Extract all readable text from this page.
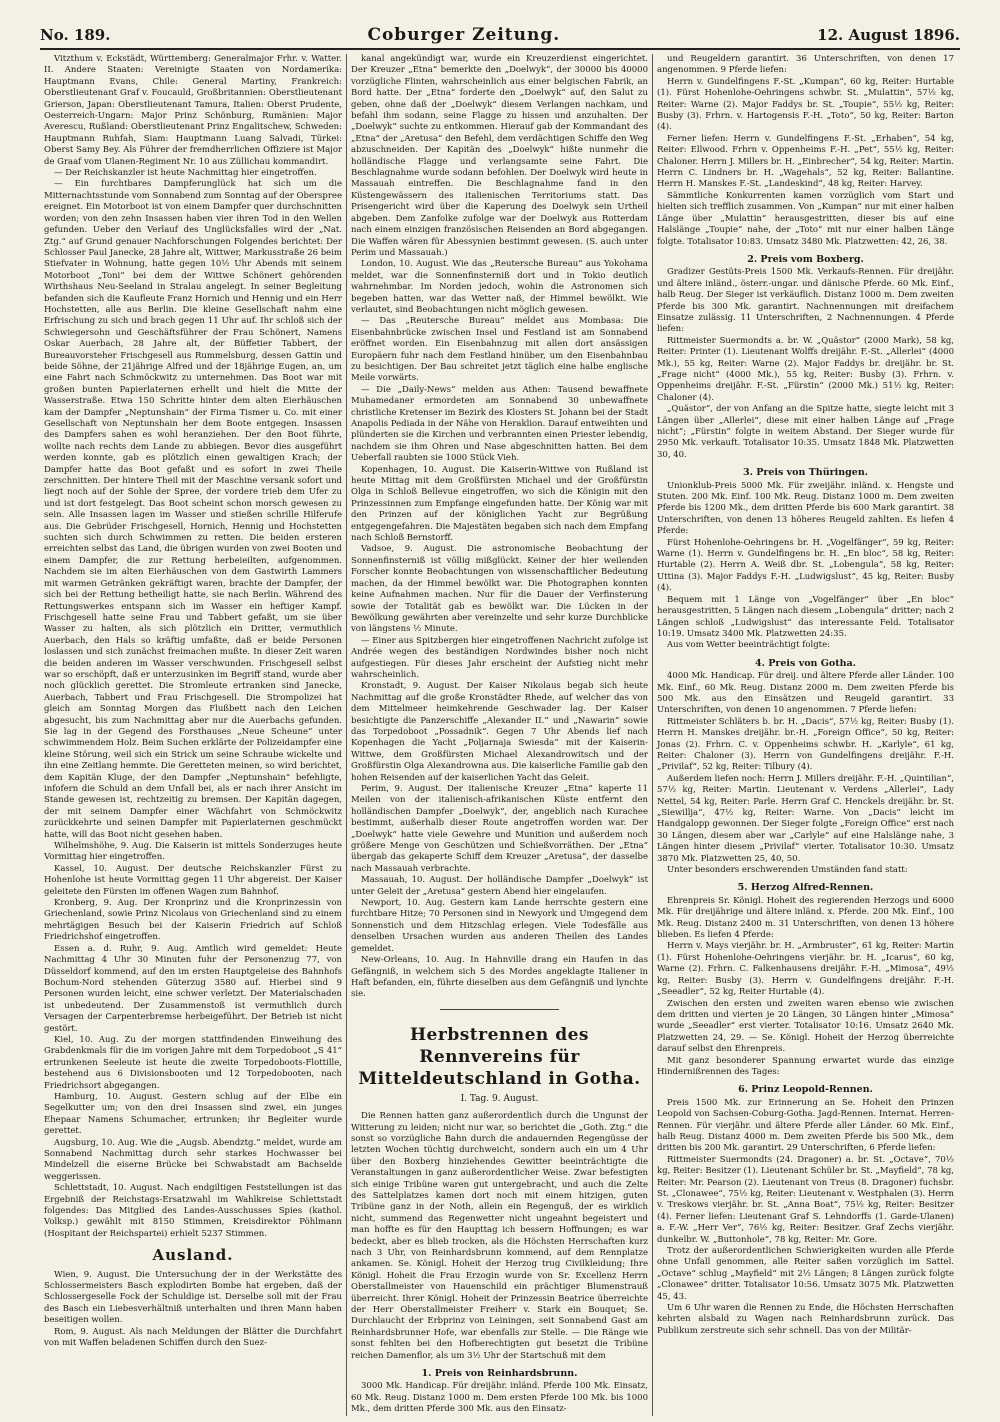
No. 189.	Coburger Zeitung.	12. August 1896.

Vitzthum v. Eckstädt, Württemberg: Generalmajor Frhr. v. Watter. II. Andere Staaten: Vereinigte Staaten von Nordamerika: Hauptmann Evans, Chile: General Martiny, Frankreich: Oberstlieutenant Graf v. Foucauld, Großbritannien: Oberstlieutenant Grierson, Japan: Oberstlieutenant Tamura, Italien: Oberst Prudente, Oesterreich-Ungarn: Major Prinz Schönburg, Rumänien: Major Averescu, Rußland: Oberstlieutenant Prinz Engalitschew, Schweden: Hauptmann Ruhfah, Siam: Hauptmann Luang Salvadi, Türkei: Oberst Samy Bey. Als Führer der fremdherrlichen Offiziere ist Major de Graaf vom Ulanen-Regiment Nr. 10 aus Züllichau kommandirt.

— Der Reichskanzler ist heute Nachmittag hier eingetroffen.

— Ein furchtbares Dampferunglück hat sich um die Mitternachtsstunde vom Sonnabend zum Sonntag auf der Oberspree ereignet. Ein Motorboot ist von einem Dampfer quer durchschnitten worden; von den zehn Insassen haben vier ihren Tod in den Wellen gefunden. Ueber den Verlauf des Unglücksfalles wird der „Nat. Ztg.“ auf Grund genauer Nachforschungen Folgendes berichtet: Der Schlosser Paul Janecke, 28 Jahre alt, Wittwer, Markusstraße 26 beim Stiefvater in Wohnung, hatte gegen 10½ Uhr Abends mit seinem Motorboot „Toni“ bei dem der Wittwe Schönert gehörenden Wirthshaus Neu-Seeland in Stralau angelegt. In seiner Begleitung befanden sich die Kaufleute Franz Hornich und Hennig und ein Herr Hochstetten, alle aus Berlin. Die kleine Gesellschaft nahm eine Erfrischung zu sich und brach gegen 11 Uhr auf. Ihr schloß sich der Schwiegersohn und Geschäftsführer der Frau Schönert, Namens Oskar Auerbach, 28 Jahre alt, der Büffetier Tabbert, der Bureauvorsteher Frischgesell aus Rummelsburg, dessen Gattin und beide Söhne, der 21jährige Alfred und der 18jährige Eugen, an, um eine Fahrt nach Schmöckwitz zu unternehmen. Das Boot war mit großen bunten Papierlaternen erhellt und hielt die Mitte der Wasserstraße. Etwa 150 Schritte hinter dem alten Eierhäuschen kam der Dampfer „Neptunshain“ der Firma Tismer u. Co. mit einer Gesellschaft von Neptunshain her dem Boote entgegen. Insassen des Dampfers sahen es wohl heranziehen. Der den Boot führte, wollte nach rechts dem Lande zu abbiegen. Bevor dies ausgeführt werden konnte, gab es plötzlich einen gewaltigen Krach; der Dampfer hatte das Boot gefaßt und es sofort in zwei Theile zerschnitten. Der hintere Theil mit der Maschine versank sofort und liegt noch auf der Sohle der Spree, der vordere trieb dem Ufer zu und ist dort festgelegt. Das Boot scheint schon morsch gewesen zu sein. Alle Insassen lagen im Wasser und stießen schrille Hilferufe aus. Die Gebrüder Frischgesell, Hornich, Hennig und Hochstetten suchten sich durch Schwimmen zu retten. Die beiden ersteren erreichten selbst das Land, die übrigen wurden von zwei Booten und einem Dampfer, die zur Rettung herbeieilten, aufgenommen. Nachdem sie im alten Eierhäuschen von dem Gastwirth Lammers mit warmen Getränken gekräftigt waren, brachte der Dampfer, der sich bei der Rettung betheiligt hatte, sie nach Berlin. Während des Rettungswerkes entspann sich im Wasser ein heftiger Kampf. Frischgesell hatte seine Frau und Tabbert gefaßt, um sie über Wasser zu halten, als sich plötzlich ein Dritter, vermuthlich Auerbach, den Hals so kräftig umfaßte, daß er beide Personen loslassen und sich zunächst freimachen mußte. In dieser Zeit waren die beiden anderen im Wasser verschwunden. Frischgesell selbst war so erschöpft, daß er unterzusinken im Begriff stand, wurde aber noch glücklich gerettet. Die Stromleute ertranken sind Janecke, Auerbach, Tabbert und Frau Frischgesell. Die Strompolizei hat gleich am Sonntag Morgen das Flußbett nach den Leichen abgesucht, bis zum Nachmittag aber nur die Auerbachs gefunden. Sie lag in der Gegend des Forsthauses „Neue Scheune“ unter schwimmendem Holz. Beim Suchen erklärte der Polizeidampfer eine kleine Störung, weil sich ein Strick um seine Schraube wickelte und ihn eine Zeitlang hemmte. Die Geretteten meinen, so wird berichtet, dem Kapitän Kluge, der den Dampfer „Neptunshain“ befehligte, infofern die Schuld an dem Unfall bei, als er nach ihrer Ansicht im Stande gewesen ist, rechtzeitig zu bremsen. Der Kapitän dagegen, der mit seinem Dampfer einer Wächfahrt von Schmöckwitz zurückkehrte und seinen Dampfer mit Papierlaternen geschmückt hatte, will das Boot nicht gesehen haben.

Wilhelmshöhe, 9. Aug. Die Kaiserin ist mittels Sonderzuges heute Vormittag hier eingetroffen.

Kassel, 10. August. Der deutsche Reichskanzler Fürst zu Hohenlohe ist heute Vormittag gegen 11 Uhr abgereist. Der Kaiser geleitete den Fürsten im offenen Wagen zum Bahnhof.

Kronberg, 9. Aug. Der Kronprinz und die Kronprinzessin von Griechenland, sowie Prinz Nicolaus von Griechenland sind zu einem mehrtägigen Besuch bei der Kaiserin Friedrich auf Schloß Friedrichshof eingetroffen.

Essen a. d. Ruhr, 9. Aug. Amtlich wird gemeldet: Heute Nachmittag 4 Uhr 30 Minuten fuhr der Personenzug 77, von Düsseldorf kommend, auf den im ersten Hauptgeleise des Bahnhofs Bochum-Nord stehenden Güterzug 3580 auf. Hierbei sind 9 Personen wurden leicht, eine schwer verletzt. Der Materialschaden ist unbedeutend. Der Zusammenstoß ist vermuthlich durch Versagen der Carpenterbremse herbeigeführt. Der Betrieb ist nicht gestört.

Kiel, 10. Aug. Zu der morgen stattfindenden Einweihung des Grabdenkmals für die im vorigen Jahre mit dem Torpedoboot „S 41“ ertrunkenen Seeleute ist heute die zweite Torpedoboots-Flottille, bestehend aus 6 Divisionsbooten und 12 Torpedobooten, nach Friedrichsort abgegangen.

Hamburg, 10. August. Gestern schlug auf der Elbe ein Segelkutter um; von den drei Insassen sind zwei, ein junges Ehepaar Namens Schumacher, ertrunken; ihr Begleiter wurde gerettet.

Augsburg, 10. Aug. Wie die „Augsb. Abendztg.“ meldet, wurde am Sonnabend Nachmittag durch sehr starkes Hochwasser bei Mindelzell die eiserne Brücke bei Schwabstadt am Bachselde weggerissen.

Schlettstadt, 10. August. Nach endgiltigen Feststellungen ist das Ergebniß der Reichstags-Ersatzwahl im Wahlkreise Schlettstadt folgendes: Das Mitglied des Landes-Ausschusses Spies (kathol. Volksp.) gewählt mit 8150 Stimmen, Kreisdirektor Pöhlmann (Hospitant der Reichspartei) erhielt 5237 Stimmen.

Ausland.

Wien, 9. August. Die Untersuchung der in der Werkstätte des Schlossermeisters Basch explodirten Bombe hat ergeben, daß der Schlossergeselle Fock der Schuldige ist. Derselbe soll mit der Frau des Basch ein Liebesverhältniß unterhalten und ihren Mann haben beseitigen wollen.

Rom, 9. August. Als nach Meldungen der Blätter die Durchfahrt von mit Waffen beladenen Schiffen durch den Suez-

kanal angekündigt war, wurde ein Kreuzerdienst eingerichtet. Der Kreuzer „Etna“ bemerkte den „Doelwyk“, der 30000 bis 40000 vorzügliche Flinten, wahrscheinlich aus einer belgischen Fabrik, an Bord hatte. Der „Etna“ forderte den „Doelwyk“ auf, den Salut zu geben, ohne daß der „Doelwyk“ diesem Verlangen nachkam, und befahl ihm sodann, seine Flagge zu hissen und anzuhalten. Der „Doelwyk“ suchte zu entkommen. Hierauf gab der Kommandant des „Etna“ der „Aretusa“ den Befehl, dem verdächtigen Schiffe den Weg abzuschneiden. Der Kapitän des „Doelwyk“ hißte nunmehr die holländische Flagge und verlangsamte seine Fahrt. Die Beschlagnahme wurde sodann befohlen. Der Doelwyk wird heute in Massauah eintreffen. Die Beschlagnahme fand in den Küstengewässern des italienischen Territoriums statt. Das Prisengericht wird über die Kaperung des Doelwyk sein Urtheil abgeben. Dem Zanfolke zufolge war der Doelwyk aus Rotterdam nach einem einzigen französischen Reisenden an Bord abgegangen. Die Waffen wären für Abessynien bestimmt gewesen. (S. auch unter Perim und Massauah.)

London, 10. August. Wie das „Reutersche Bureau“ aus Yokohama meldet, war die Sonnenfinsterniß dort und in Tokio deutlich wahrnehmbar. Im Norden jedoch, wohin die Astronomen sich begeben hatten, war das Wetter naß, der Himmel bewölkt. Wie verlautet, sind Beobachtungen nicht möglich gewesen.

— Das „Reutersche Bureau“ meldet aus Mombasa: Die Eisenbahnbrücke zwischen Insel und Festland ist am Sonnabend eröffnet worden. Ein Eisenbahnzug mit allen dort ansässigen Europäern fuhr nach dem Festland hinüber, um den Eisenbahnbau zu besichtigen. Der Bau schreitet jetzt täglich eine halbe englische Meile vorwärts.

— Die „Daily-News“ melden aus Athen: Tausend bewaffnete Muhamedaner ermordeten am Sonnabend 30 unbewaffnete christliche Kretenser im Bezirk des Klosters St. Johann bei der Stadt Anapolis Pediada in der Nähe von Heraklion. Darauf entweihten und plünderten sie die Kirchen und verbrannten einen Priester lebendig, nachdem sie ihm Ohren und Nase abgeschnitten hatten. Bei dem Ueberfall raubten sie 1000 Stück Vieh.

Kopenhagen, 10. August. Die Kaiserin-Wittwe von Rußland ist heute Mittag mit dem Großfürsten Michael und der Großfürstin Olga in Schloß Bellevue eingetroffen, wo sich die Königin mit den Prinzessinnen zum Empfange eingefunden hatte. Der König war mit den Prinzen auf der königlichen Yacht zur Begrüßung entgegengefahren. Die Majestäten begaben sich nach dem Empfang nach Schloß Bernstorff.

Vadsoe, 9. August. Die astronomische Beobachtung der Sonnenfinsterniß ist völlig mißglückt. Keiner der hier weilenden Forscher konnte Beobachtungen von wissenschaftlicher Bedeutung machen, da der Himmel bewölkt war. Die Photographen konnten keine Aufnahmen machen. Nur für die Dauer der Verfinsterung sowie der Totalität gab es bewölkt war. Die Lücken in der Bewölkung gewährten aber vereinzelte und sehr kurze Durchblicke von längstens ½ Minute.

— Einer aus Spitzbergen hier eingetroffenen Nachricht zufolge ist Andrée wegen des beständigen Nordwindes bisher noch nicht aufgestiegen. Für dieses Jahr erscheint der Aufstieg nicht mehr wahrscheinlich.

Kronstadt, 9. August. Der Kaiser Nikolaus begab sich heute Nachmittag auf die große Kronstädter Rhede, auf welcher das von dem Mittelmeer heimkehrende Geschwader lag. Der Kaiser besichtigte die Panzerschiffe „Alexander II.“ und „Nawarin“ sowie das Torpedoboot „Possadnik“. Gegen 7 Uhr Abends lief nach Kopenhagen die Yacht „Poljarnaja Swiesda“ mit der Kaiserin-Wittwe, dem Großfürsten Michael Alexandrowitsch und der Großfürstin Olga Alexandrowna aus. Die kaiserliche Familie gab den hohen Reisenden auf der kaiserlichen Yacht das Geleit.

Perim, 9. August. Der italienische Kreuzer „Etna“ kaperte 11 Meilen von der italienisch-afrikanischen Küste entfernt den holländischen Dampfer „Doelwyk“, der, angeblich nach Kurachee bestimmt, außerhalb dieser Route angetroffen worden war. Der „Doelwyk“ hatte viele Gewehre und Munition und außerdem noch größere Menge von Geschützen und Schießvorräthen. Der „Etna“ übergab das gekaperte Schiff dem Kreuzer „Aretusa“, der dasselbe nach Massauah verbrachte.

Massauah, 10. August. Der holländische Dampfer „Doelwyk“ ist unter Geleit der „Aretusa“ gestern Abend hier eingelaufen.

Newport, 10. Aug. Gestern kam Lande herrschte gestern eine furchtbare Hitze; 70 Personen sind in Newyork und Umgegend dem Sonnenstich und dem Hitzschlag erlegen. Viele Todesfälle aus denselben Ursachen wurden aus anderen Theilen des Landes gemeldet.

New-Orleans, 10. Aug. In Hahnville drang ein Haufen in das Gefängniß, in welchem sich 5 des Mordes angeklagte Italiener in Haft befanden, ein, führte dieselben aus dem Gefängniß und lynchte sie.

Herbstrennen des Rennvereins für Mitteldeutschland in Gotha.
I. Tag. 9. August.

Die Rennen hatten ganz außerordentlich durch die Ungunst der Witterung zu leiden; nicht nur war, so berichtet die „Goth. Ztg.“ die sonst so vorzügliche Bahn durch die andauernden Regengüsse der letzten Wochen tüchtig durchweicht, sondern auch ein um 4 Uhr über den Boxberg hinziehendes Gewitter beeinträchtigte die Veranstaltungen in ganz außerordentlicher Weise. Zwar befestigten sich einige Tribüne waren gut untergebracht, und auch die Zelte des Sattelplatzes kamen dort noch mit einem hitzigen, guten Tribüne ganz in der Noth, allein ein Regenguß, der es wirklich nicht, summend das Regenwetter nicht ungeahnt begeistert und man hoffte es für den Haupttag ich bessern Hoffnungen; es war bedeckt, aber es blieb trocken, als die Höchsten Herrschaften kurz nach 3 Uhr, von Reinhardsbrunn kommend, auf dem Rennplatze ankamen. Se. Königl. Hoheit der Herzog trug Civilkleidung; Ihre Königl. Hoheit die Frau Erzogin wurde von Sr. Excellenz Herrn Oberstallmeister von Hauenschild ein prächtiger Blumenstrauß überreicht. Ihrer Königl. Hoheit der Prinzessin Beatrice überreichte der Herr Oberstallmeister Freiherr v. Stark ein Bouquet; Se. Durchlaucht der Erbprinz von Leiningen, seit Sonnabend Gast am Reinhardsbrunner Hofe, war ebenfalls zur Stelle. — Die Ränge wie sonst fehlten bei den Hofberechtigten gut besetzt die Tribüne reichen Damenflor, als um 3½ Uhr der Startschuß mit dem

1. Preis von Reinhardsbrunn.

3000 Mk. Handicap. Für dreijähr. inländ. Pferde 100 Mk. Einsatz, 60 Mk. Reug. Distanz 1000 m. Dem ersten Pferde 100 Mk. bis 1000 Mk., dem dritten Pferde 300 Mk. aus den Einsatz-

und Reugeldern garantirt. 36 Unterschriften, von denen 17 angenommen. 9 Pferde liefen:

Herrn v. Gundelfingens F.-St. „Kumpan“, 60 kg, Reiter: Hurtable (1). Fürst Hohenlohe-Oehringens schwbr. St. „Mulattin“, 57½ kg, Reiter: Warne (2). Major Faddys br. St. „Toupie“, 55½ kg, Reiter: Busby (3). Frhrn. v. Hartogensis F.-H. „Toto“, 50 kg, Reiter: Barton (4).

Ferner liefen: Herrn v. Gundelfingens F.-St. „Erhaben“, 54 kg, Reiter: Ellwood. Frhrn v. Oppenheims F.-H. „Pet“, 55½ kg, Reiter: Chaloner. Herrn J. Millers br. H. „Einbrecher“, 54 kg, Reiter: Martin. Herrn C. Lindners br. H. „Wagehals“, 52 kg, Reiter: Ballantine. Herrn H. Manskes F.-St. „Landeskind“, 48 kg, Reiter: Harvey.

Sämmtliche Konkurrenten kamen vorzüglich vom Start und hielten sich trefflich zusammen. Von „Kumpan“ nur mit einer halben Länge über „Mulattin“ herausgestritten, dieser bis auf eine Halslänge „Toupie“ nahe, der „Toto“ mit nur einer halben Länge folgte. Totalisator 10:83. Umsatz 3480 Mk. Platzwetten: 42, 26, 38.

2. Preis vom Boxberg.

Gradizer Gestüts-Preis 1500 Mk. Verkaufs-Rennen. Für dreijähr. und ältere inländ., österr.-ungar. und dänische Pferde. 60 Mk. Einf., halb Reug. Der Sieger ist verkäuflich. Distanz 1000 m. Dem zweiten Pferde bis 300 Mk. garantirt. Nachnennungen mit dreifachem Einsatze zulässig. 11 Unterschriften, 2 Nachnennungen. 4 Pferde liefen:

Rittmeister Suermondts a. br. W. „Quästor“ (2000 Mark), 58 kg, Reiter: Printer (1). Lieutenant Wolffs dreijähr. F.-St. „Allerlei“ (4000 Mk.), 55 kg, Reiter: Warne (2). Major Faddys br. dreijähr. br. St. „Frage nicht“ (4000 Mk.), 55 kg, Reiter: Busby (3). Frhrn. v. Oppenheims dreijähr. F.-St. „Fürstin“ (2000 Mk.) 51½ kg, Reiter: Chaloner (4).

„Quästor“, der von Anfang an die Spitze hatte, siegte leicht mit 3 Längen über „Allerlei“, diese mit einer halben Länge auf „Frage nicht“; „Fürstin“ folgte in weitem Abstand. Der Sieger wurde für 2950 Mk. verkauft. Totalisator 10:35. Umsatz 1848 Mk. Platzwetten 30, 40.

3. Preis von Thüringen.

Unionklub-Preis 5000 Mk. Für zweijähr. inländ. x. Hengste und Stuten. 200 Mk. Einf. 100 Mk. Reug. Distanz 1000 m. Dem zweiten Pferde bis 1200 Mk., dem dritten Pferde bis 600 Mark garantirt. 38 Unterschriften, von denen 13 höheres Reugeld zahlten. Es liefen 4 Pferde:

Fürst Hohenlohe-Oehringens br. H. „Vogelfänger“, 59 kg, Reiter: Warne (1). Herrn v. Gundelfingens br. H. „En bloc“, 58 kg, Reiter: Hurtable (2). Herrn A. Weiß dbr. St. „Lobengula“, 58 kg, Reiter: Uttina (3). Major Faddys F.-H. „Ludwigslust“, 45 kg, Reiter: Busby (4).

Bequem mit 1 Länge von „Vogelfänger“ über „En bloc“ herausgestritten, 5 Längen nach diesem „Lobengula“ dritter; nach 2 Längen schloß „Ludwigslust“ das interessante Feld. Totalisator 10:19. Umsatz 3400 Mk. Platzwetten 24:35.

Aus vom Wetter beeinträchtigt folgte:

4. Preis von Gotha.

4000 Mk. Handicap. Für dreij. und ältere Pferde aller Länder. 100 Mk. Einf., 60 Mk. Reug. Distanz 2000 m. Dem zweiten Pferde bis 500 Mk. aus den Einsätzen und Reugeld garantirt. 33 Unterschriften, von denen 10 angenommen. 7 Pferde liefen:

Rittmeister Schläters b. br. H. „Dacis“, 57½ kg, Reiter: Busby (1). Herrn H. Manskes dreijähr. br.-H. „Foreign Office“, 50 kg, Reiter: Jonas (2). Frhrn. C. v. Oppenheims schwbr. H. „Karlyle“, 61 kg, Reiter: Chaloner (3). Herrn von Gundelfingens dreijähr. F.-H. „Privilaf“, 52 kg, Reiter: Tilbury (4).

Außerdem liefen noch: Herrn J. Millers dreijähr. F.-H. „Quintilian“, 57½ kg, Reiter: Martin. Lieutenant v. Verdens „Allerlei“, Lady Nettel, 54 kg, Reiter: Parle. Herrn Graf C. Henckels dreijähr. br. St. „Siewillja“, 47½ kg, Reiter: Warne. Von „Dacis“ leicht im Handgalopp gewonnen. Der Sieger folgte „Foreign Office“ erst nach 30 Längen, diesem aber war „Carlyle“ auf eine Halslänge nahe, 3 Längen hinter diesem „Privilaf“ vierter. Totalisator 10:30. Umsatz 3870 Mk. Platzwetten 25, 40, 50.

Unter besonders erschwerenden Umständen fand statt:

5. Herzog Alfred-Rennen.

Ehrenpreis Sr. Königl. Hoheit des regierenden Herzogs und 6000 Mk. Für dreijährige und ältere inländ. x. Pferde. 200 Mk. Einf., 100 Mk. Reug. Distanz 2400 m. 31 Unterschriften, von denen 13 höhere blieben. Es liefen 4 Pferde:

Herrn v. Mays vierjähr. br. H. „Armbruster“, 61 kg, Reiter: Martin (1). Fürst Hohenlohe-Oehringens vierjähr. br. H. „Icarus“, 60 kg, Warne (2). Frhrn. C. Falkenhausens dreijähr. F.-H. „Mimosa“, 49½ kg, Reiter: Busby (3). Herrn v. Gundelfingens dreijähr. F.-H. „Seeadler“, 52 kg, Reiter Hurtable (4).

Zwischen den ersten und zweiten waren ebenso wie zwischen dem dritten und vierten je 20 Längen, 30 Längen hinter „Mimosa“ wurde „Seeadler“ erst vierter. Totalisator 10:16. Umsatz 2640 Mk. Platzwetten 24, 29. — Se. Königl. Hoheit der Herzog überreichte darauf selbst den Ehrenpreis.

Mit ganz besonderer Spannung erwartet wurde das einzige Hindernißrennen des Tages:

6. Prinz Leopold-Rennen.

Preis 1500 Mk. zur Erinnerung an Se. Hoheit den Prinzen Leopold von Sachsen-Coburg-Gotha. Jagd-Rennen. Internat. Herren-Rennen. Für vierjähr. und ältere Pferde aller Länder. 60 Mk. Einf., halb Reug. Distanz 4000 m. Dem zweiten Pferde bis 500 Mk., dem dritten bis 200 Mk. garantirt. 29 Unterschriften, 6 Pferde liefen:

Rittmeister Suermondts (24. Dragoner) a. br. St. „Octave“, 70½ kg, Reiter: Besitzer (1). Lieutenant Schüler br. St. „Mayfield“, 78 kg, Reiter: Mr. Pearson (2). Lieutenant von Treus (8. Dragoner) fuchsbr. St. „Clonawee“, 75½ kg, Reiter: Lieutenant v. Westphalen (3). Herrn v. Treskows vierjähr. br. St. „Anna Boat“, 75½ kg, Reiter: Besitzer (4). Ferner liefen: Lieutenant Graf S. Lehndorffs (1. Garde-Ulanen) a. F.-W. „Herr Ver“, 76½ kg, Reiter: Besitzer. Graf Zechs vierjähr. dunkelbr. W. „Buttonhole“, 78 kg, Reiter: Mr. Gore.

Trotz der außerordentlichen Schwierigkeiten wurden alle Pferde ohne Unfall genommen, alle Reiter saßen vorzüglich im Sattel. „Octave“ schlug „Mayfield“ mit 2½ Längen; 8 Längen zurück folgte „Clonawee“ dritter. Totalisator 10:56. Umsatz 3075 Mk. Platzwetten 45, 43.

Um 6 Uhr waren die Rennen zu Ende, die Höchsten Herrschaften kehrten alsbald zu Wagen nach Reinhardsbrunn zurück. Das Publikum zerstreute sich sehr schnell. Das von der Militär-
